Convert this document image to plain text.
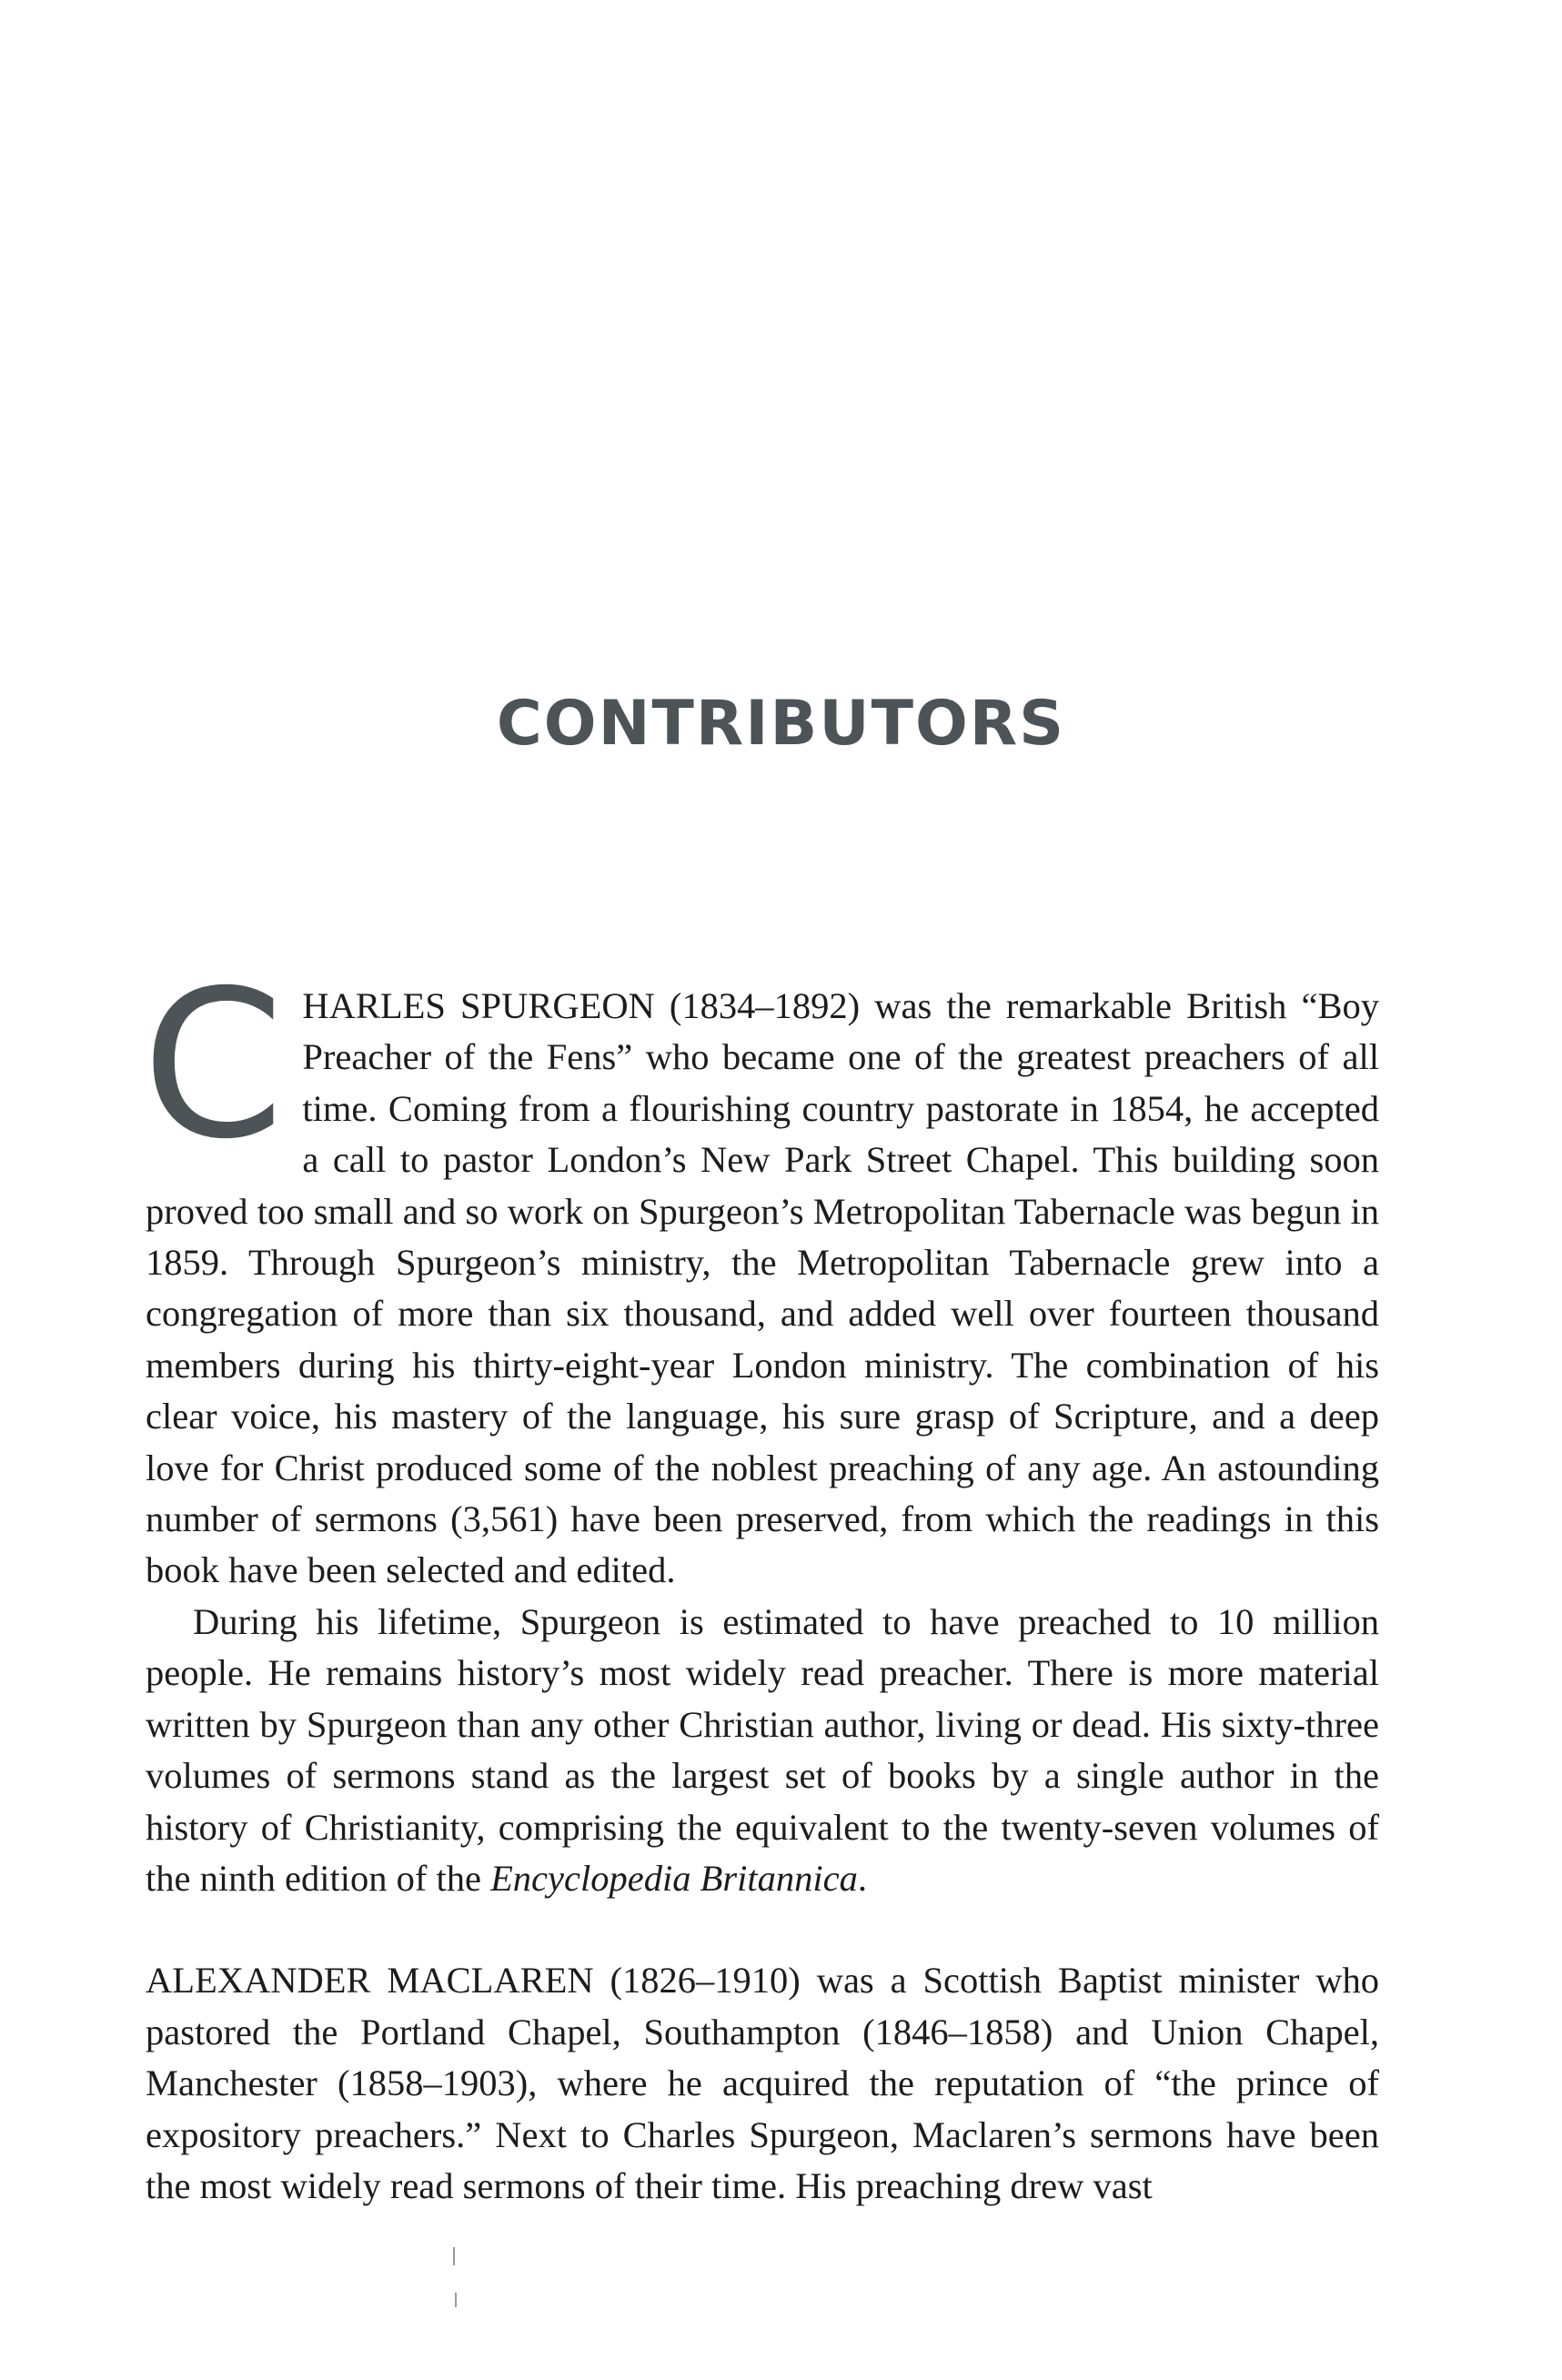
CONTRIBUTORS

CHARLES SPURGEON (1834–1892) was the remarkable British “Boy Preacher of the Fens” who became one of the greatest preachers of all time. Coming from a flourishing country pastorate in 1854, he accepted a call to pastor London’s New Park Street Chapel. This building soon proved too small and so work on Spurgeon’s Metropolitan Tabernacle was begun in 1859. Through Spurgeon’s ministry, the Metropolitan Tabernacle grew into a congregation of more than six thousand, and added well over fourteen thousand members during his thirty-eight-year London ministry. The combination of his clear voice, his mastery of the language, his sure grasp of Scripture, and a deep love for Christ produced some of the noblest preaching of any age. An astounding number of sermons (3,561) have been preserved, from which the readings in this book have been selected and edited.

During his lifetime, Spurgeon is estimated to have preached to 10 million people. He remains history’s most widely read preacher. There is more material written by Spurgeon than any other Christian author, living or dead. His sixty-three volumes of sermons stand as the largest set of books by a single author in the history of Christianity, comprising the equivalent to the twenty-seven volumes of the ninth edition of the Encyclopedia Britannica.

ALEXANDER MACLAREN (1826–1910) was a Scottish Baptist minister who pastored the Portland Chapel, Southampton (1846–1858) and Union Chapel, Manchester (1858–1903), where he acquired the reputation of “the prince of expository preachers.” Next to Charles Spurgeon, Maclaren’s sermons have been the most widely read sermons of their time. His preaching drew vast
